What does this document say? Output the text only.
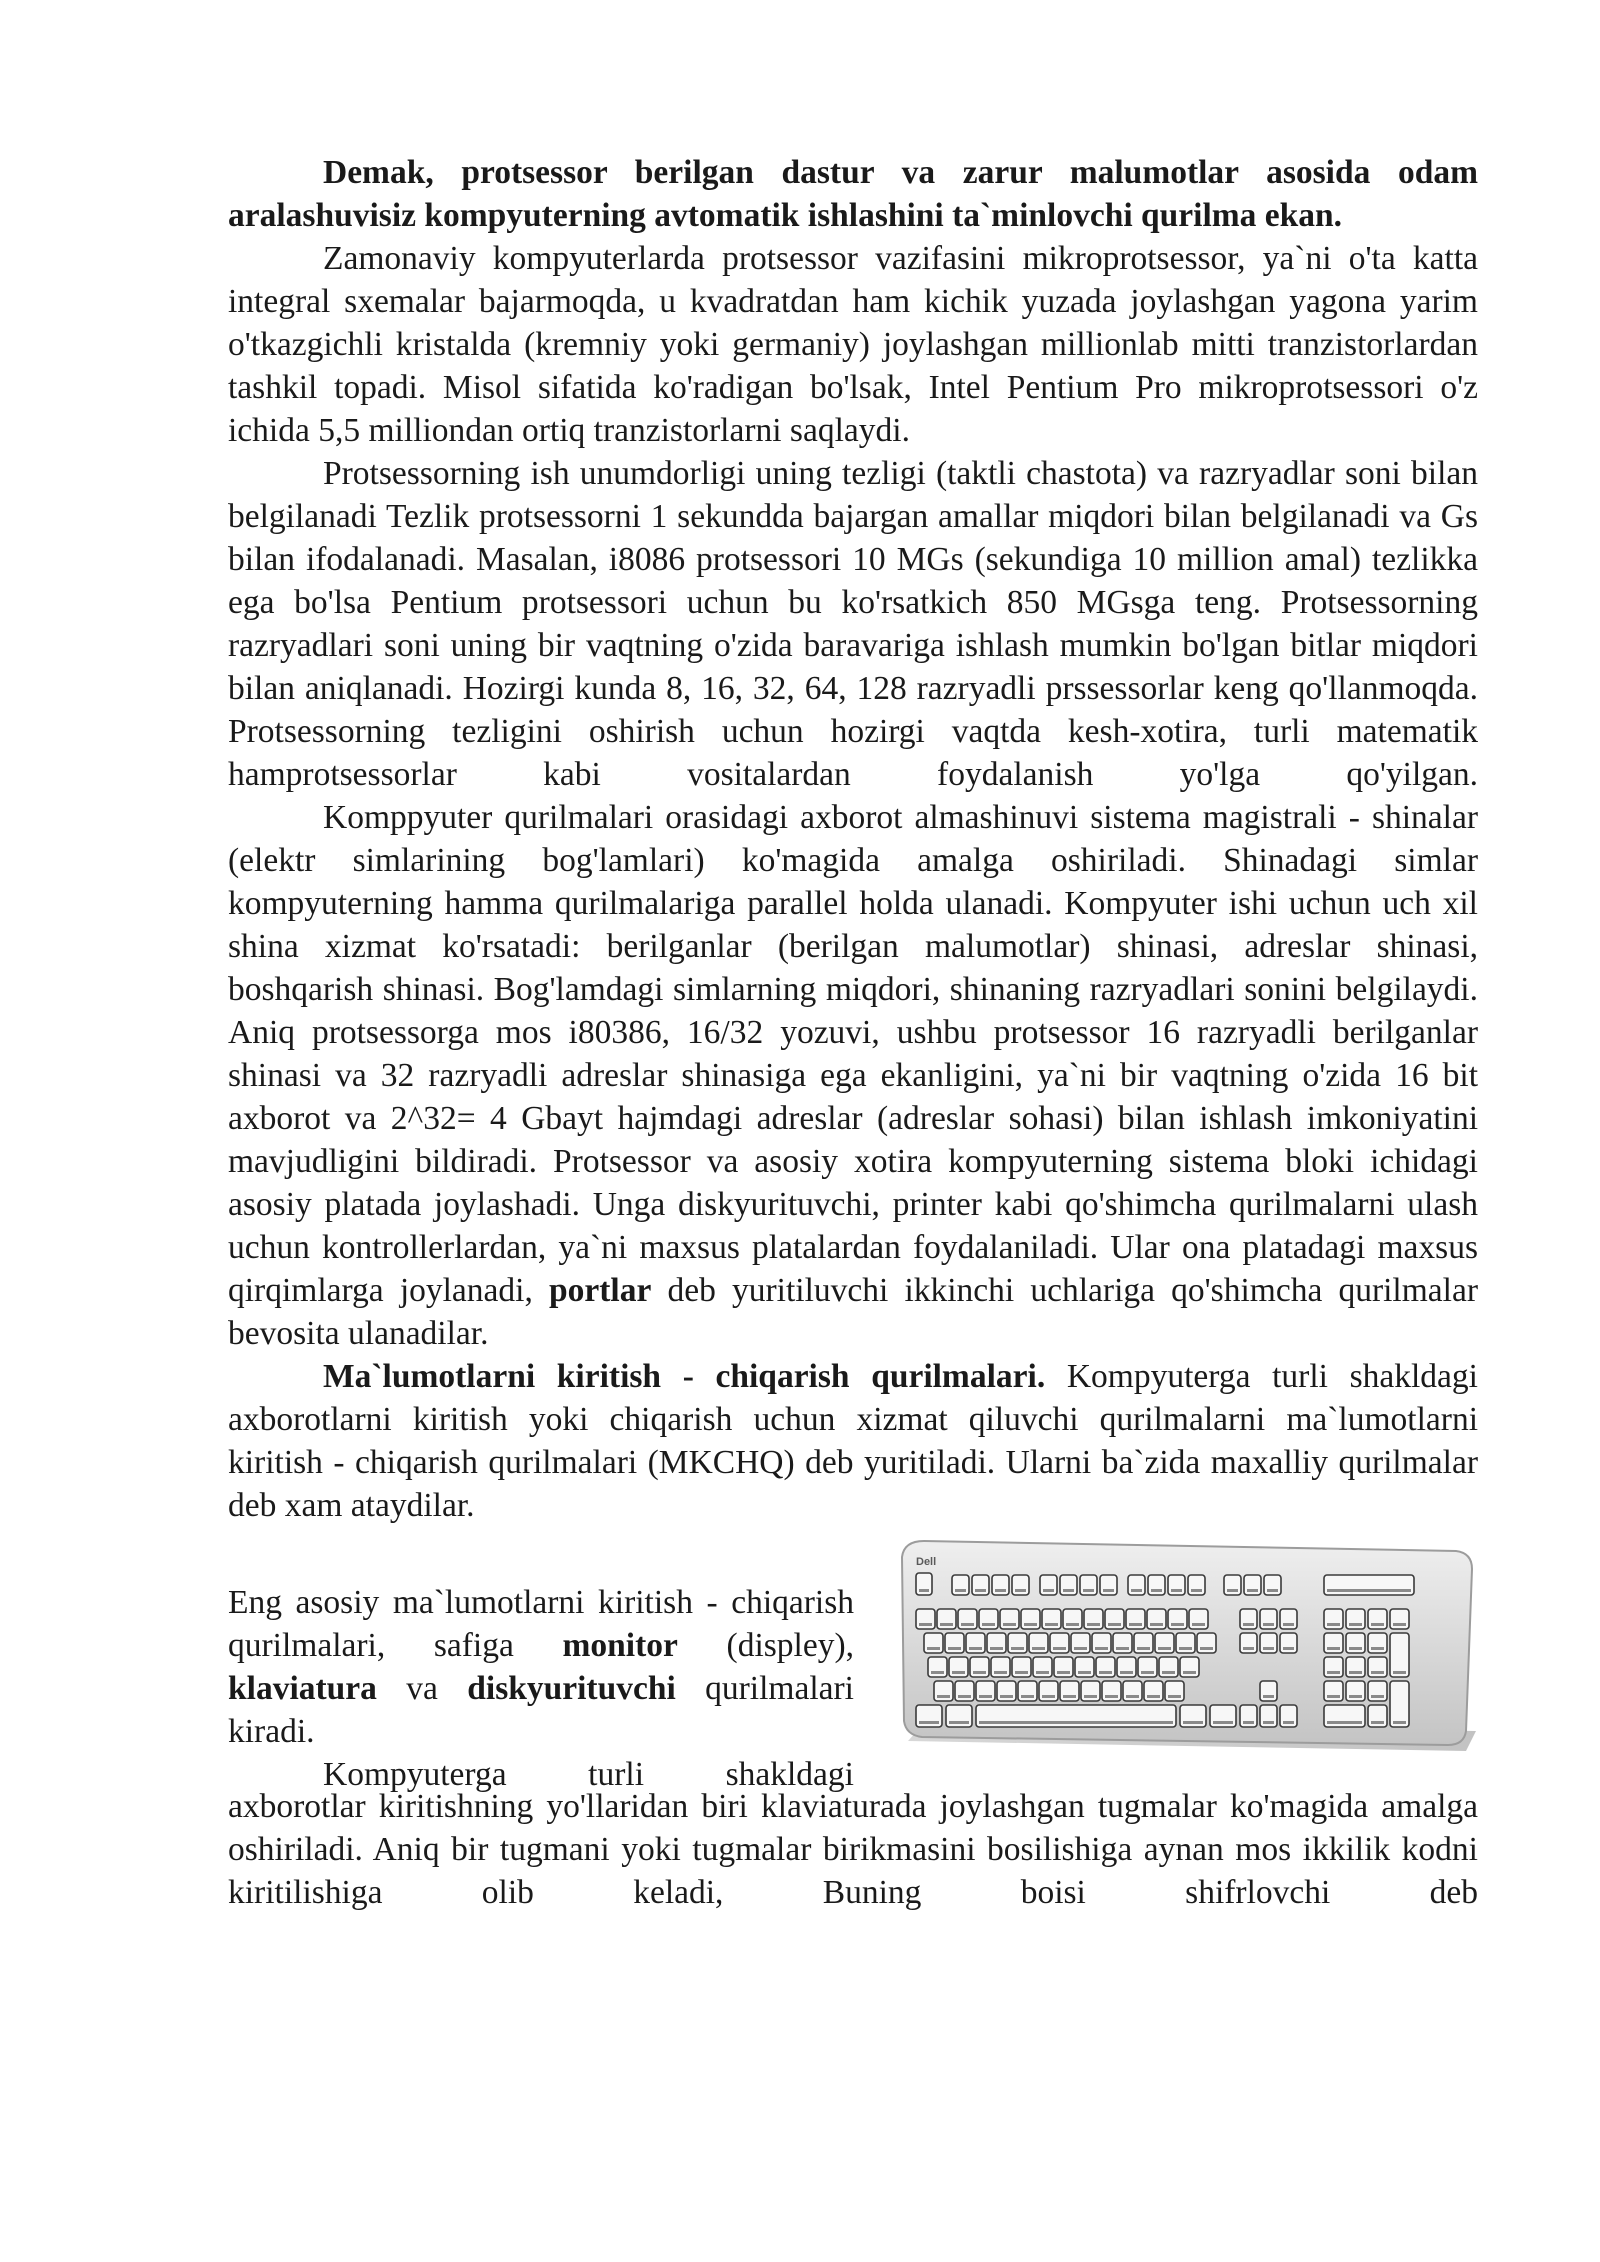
Demak, protsessor berilgan dastur va zarur malumotlar asosida odam aralashuvisiz kompyuterning avtomatik ishlashini ta`minlovchi qurilma ekan.

Zamonaviy kompyuterlarda protsessor vazifasini mikroprotsessor, ya`ni o'ta katta integral sxemalar bajarmoqda, u kvadratdan ham kichik yuzada joylashgan yagona yarim o'tkazgichli kristalda (kremniy yoki germaniy) joylashgan millionlab mitti tranzistorlardan tashkil topadi. Misol sifatida ko'radigan bo'lsak, Intel Pentium Pro mikroprotsessori o'z ichida 5,5 milliondan ortiq tranzistorlarni saqlaydi.

Protsessorning ish unumdorligi uning tezligi (taktli chastota) va razryadlar soni bilan belgilanadi Tezlik protsessorni 1 sekundda bajargan amallar miqdori bilan belgilanadi va Gs bilan ifodalanadi. Masalan, i8086 protsessori 10 MGs (sekundiga 10 million amal) tezlikka ega bo'lsa Pentium protsessori uchun bu ko'rsatkich 850 MGsga teng. Protsessorning razryadlari soni uning bir vaqtning o'zida baravariga ishlash mumkin bo'lgan bitlar miqdori bilan aniqlanadi. Hozirgi kunda 8, 16, 32, 64, 128 razryadli prssessorlar keng qo'llanmoqda. Protsessorning tezligini oshirish uchun hozirgi vaqtda kesh-xotira, turli matematik hamprotsessorlar kabi vositalardan foydalanish yo'lga qo'yilgan.

Komppyuter qurilmalari orasidagi axborot almashinuvi sistema magistrali - shinalar (elektr simlarining bog'lamlari) ko'magida amalga oshiriladi. Shinadagi simlar kompyuterning hamma qurilmalariga parallel holda ulanadi. Kompyuter ishi uchun uch xil shina xizmat ko'rsatadi: berilganlar (berilgan malumotlar) shinasi, adreslar shinasi, boshqarish shinasi. Bog'lamdagi simlarning miqdori, shinaning razryadlari sonini belgilaydi. Aniq protsessorga mos i80386, 16/32 yozuvi, ushbu protsessor 16 razryadli berilganlar shinasi va 32 razryadli adreslar shinasiga ega ekanligini, ya`ni bir vaqtning o'zida 16 bit axborot va 2^32= 4 Gbayt hajmdagi adreslar (adreslar sohasi) bilan ishlash imkoniyatini mavjudligini bildiradi. Protsessor va asosiy xotira kompyuterning sistema bloki ichidagi asosiy platada joylashadi. Unga diskyurituvchi, printer kabi qo'shimcha qurilmalarni ulash uchun kontrollerlardan, ya`ni maxsus platalardan foydalaniladi. Ular ona platadagi maxsus qirqimlarga joylanadi, portlar deb yuritiluvchi ikkinchi uchlariga qo'shimcha qurilmalar bevosita ulanadilar.

Ma`lumotlarni kiritish - chiqarish qurilmalari. Kompyuterga turli shakldagi axborotlarni kiritish yoki chiqarish uchun xizmat qiluvchi qurilmalarni ma`lumotlarni kiritish - chiqarish qurilmalari (MKCHQ) deb yuritiladi. Ularni ba`zida maxalliy qurilmalar deb xam ataydilar.

Eng asosiy ma`lumotlarni kiritish - chiqarish qurilmalari, safiga monitor (displey), klaviatura va diskyurituvchi qurilmalari kiradi.

Kompyuterga turli shakldagi

Dell

axborotlar kiritishning yo'llaridan biri klaviaturada joylashgan tugmalar ko'magida amalga oshiriladi. Aniq bir tugmani yoki tugmalar birikmasini bosilishiga aynan mos ikkilik kodni kiritilishiga olib keladi, Buning boisi shifrlovchi deb
